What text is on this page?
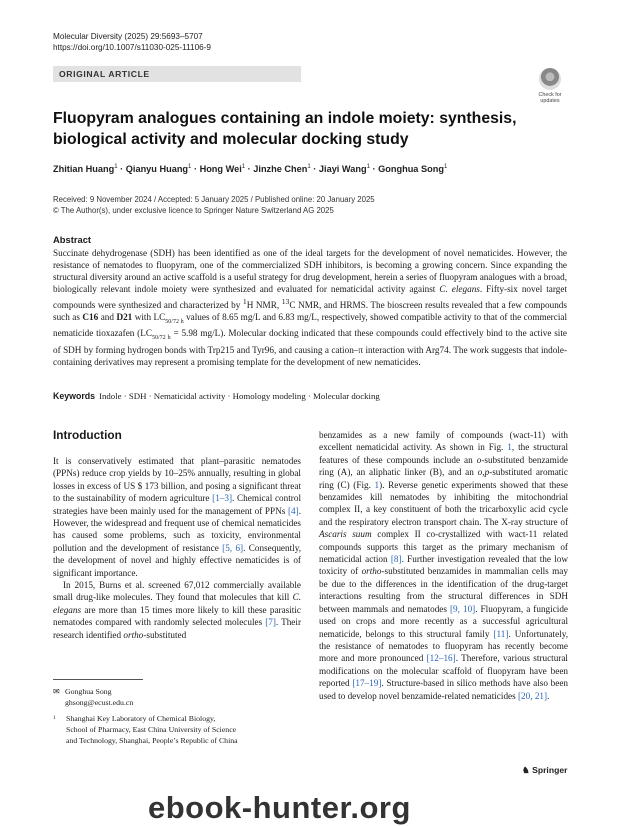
Molecular Diversity (2025) 29:5693–5707
https://doi.org/10.1007/s11030-025-11106-9
ORIGINAL ARTICLE
Check for
updates
Fluopyram analogues containing an indole moiety: synthesis,
biological activity and molecular docking study
Zhitian Huang$^1$ · Qianyu Huang$^1$ · Hong Wei$^1$ · Jinzhe Chen$^1$ · Jiayi Wang$^1$ · Gonghua Song$^1$
Received: 9 November 2024 / Accepted: 5 January 2025 / Published online: 20 January 2025
© The Author(s), under exclusive licence to Springer Nature Switzerland AG 2025
Abstract
Succinate dehydrogenase (SDH) has been identified as one of the ideal targets for the development of novel nematicides. However, the resistance of nematodes to fluopyram, one of the commercialized SDH inhibitors, is becoming a growing concern. Since expanding the structural diversity around an active scaffold is a useful strategy for drug development, herein a series of fluopyram analogues with a broad, biologically relevant indole moiety were synthesized and evaluated for nematicidal activity against C. elegans. Fifty-six novel target compounds were synthesized and characterized by $^1$H NMR, $^{13}$C NMR, and HRMS. The bioscreen results revealed that a few compounds such as C16 and D21 with $LC_{50/72 h}$ values of 8.65 mg/L and 6.83 mg/L, respectively, showed compatible activity to that of the commercial nematicide tioxazafen ($LC_{50/72 h} = 5.98$ mg/L). Molecular docking indicated that these compounds could effectively bind to the active site of SDH by forming hydrogen bonds with Trp215 and Tyr96, and causing a cation–π interaction with Arg74. The work suggests that indole-containing derivatives may represent a promising template for the development of new nematicides.
Keywords Indole · SDH · Nematicidal activity · Homology modeling · Molecular docking
Introduction

It is conservatively estimated that plant–parasitic nematodes (PPNs) reduce crop yields by 10–25% annually, resulting in global losses in excess of US $ 173 billion, and posing a significant threat to the sustainability of modern agriculture [1–3]. Chemical control strategies have been mainly used for the management of PPNs [4]. However, the widespread and frequent use of chemical nematicides has caused some problems, such as toxicity, environmental pollution and the development of resistance [5, 6]. Consequently, the development of novel and highly effective nematicides is of significant importance.

In 2015, Burns et al. screened 67,012 commercially available small drug-like molecules. They found that molecules that kill C. elegans are more than 15 times more likely to kill these parasitic nematodes compared with randomly selected molecules [7]. Their research identified ortho-substituted

benzamides as a new family of compounds (wact-11) with excellent nematicidal activity. As shown in Fig. 1, the structural features of these compounds include an o-substituted benzamide ring (A), an aliphatic linker (B), and an o,p-substituted aromatic ring (C) (Fig. 1). Reverse genetic experiments showed that these benzamides kill nematodes by inhibiting the mitochondrial complex II, a key constituent of both the tricarboxylic acid cycle and the respiratory electron transport chain. The X-ray structure of Ascaris suum complex II co-crystallized with wact-11 related compounds supports this target as the primary mechanism of nematicidal action [8]. Further investigation revealed that the low toxicity of ortho-substituted benzamides in mammalian cells may be due to the differences in the identification of the drug-target interactions resulting from the structural differences in SDH between mammals and nematodes [9, 10]. Fluopyram, a fungicide used on crops and more recently as a successful agricultural nematicide, belongs to this structural family [11]. Unfortunately, the resistance of nematodes to fluopyram has recently become more and more pronounced [12–16]. Therefore, various structural modifications on the molecular scaffold of fluopyram have been reported [17–19]. Structure-based in silico methods have also been used to develop novel benzamide-related nematicides [20, 21].

✉ Gonghua Song
ghsong@ecust.edu.cn
1	Shanghai Key Laboratory of Chemical Biology,
School of Pharmacy, East China University of Science
and Technology, Shanghai, People’s Republic of China
♞ Springer
ebook-hunter.org
